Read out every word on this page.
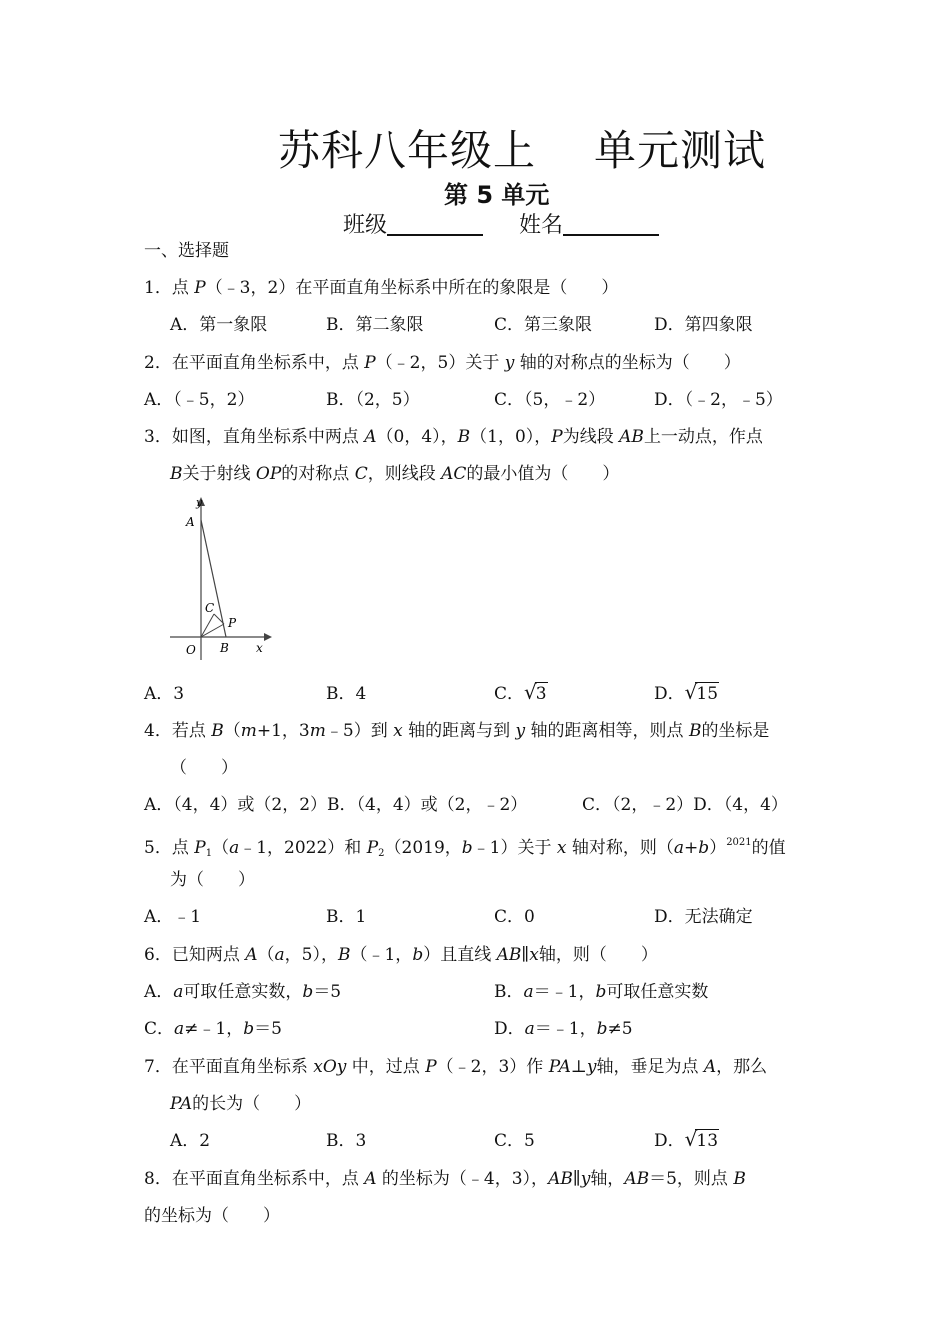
苏科八年级上 单元测试
第 5 单元
班级	姓名
一、选择题
1．点 P（﹣3，2）在平面直角坐标系中所在的象限是（　　）
A．第一象限	B．第二象限	C．第三象限	D．第四象限
2．在平面直角坐标系中，点 P（﹣2，5）关于 y 轴的对称点的坐标为（　　）
A．（﹣5，2）	B．（2，5）	C．（5，﹣2）	D．（﹣2，﹣5）
3．如图，直角坐标系中两点 A（0，4），B（1，0），P为线段 AB上一动点，作点
B关于射线 OP的对称点 C，则线段 AC的最小值为（　　）
y
A
C
P
O B x
A．3	B．4	C．√3	D．√15
4．若点 B（m+1，3m﹣5）到 x 轴的距离与到 y 轴的距离相等，则点 B的坐标是
（　　）
A．（4，4）或（2，2）B．（4，4）或（2，﹣2）	C．（2，﹣2）D．（4，4）
5．点 $P_1(a﹣1$，2022）和 $P_2(2019$，b﹣1）关于 x 轴对称，则$(a+b)^{2021}$的值
为（　　）
A．﹣1	B．1	C．0	D．无法确定
6．已知两点 A（a，5），B（﹣1，b）且直线 AB∥x轴，则（　　）
A．a可取任意实数，b＝5	B．a＝﹣1，b可取任意实数
C．a≠﹣1，b＝5	D．a＝﹣1，b≠5
7．在平面直角坐标系 xOy 中，过点 P（﹣2，3）作 PA⊥y轴，垂足为点 A，那么
PA的长为（　　）
A．2	B．3	C．5	D．√13
8．在平面直角坐标系中，点 A 的坐标为（﹣4，3），AB∥y轴，AB＝5，则点 B
的坐标为（　　）
